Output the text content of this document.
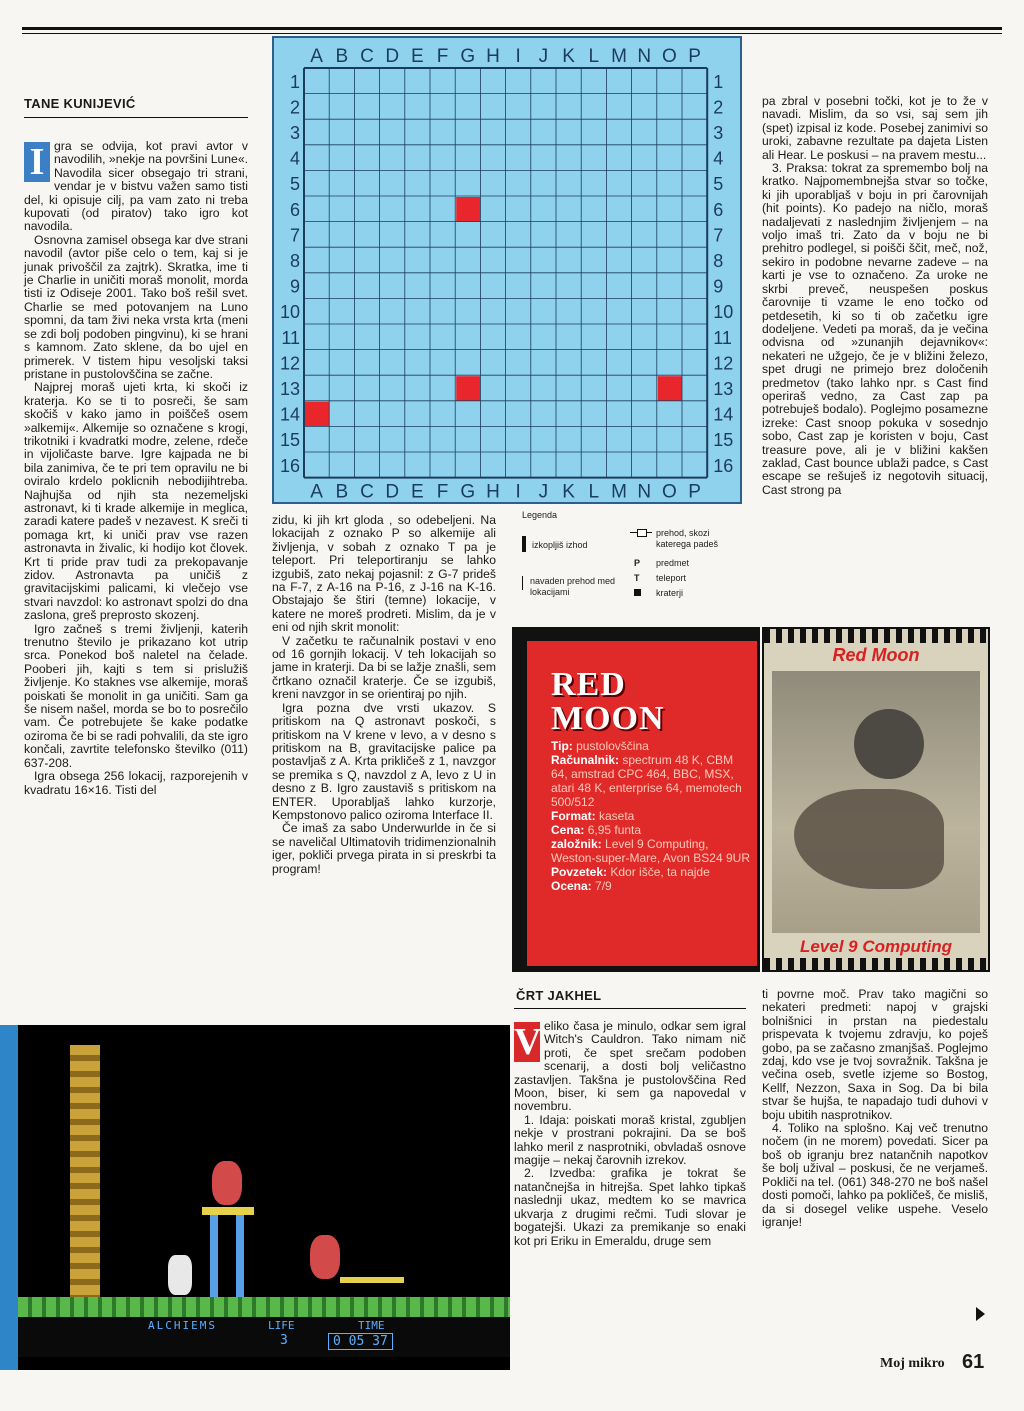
TANE KUNIJEVIĆ

I gra se odvija, kot pravi avtor v navodilih, »nekje na površini Lune«. Navodila sicer obsegajo tri strani, vendar je v bistvu važen samo tisti del, ki opisuje cilj, pa vam zato ni treba kupovati (od piratov) tako igro kot navodila.

Osnovna zamisel obsega kar dve strani navodil (avtor piše celo o tem, kaj si je junak privoščil za zajtrk). Skratka, ime ti je Charlie in uničiti moraš monolit, morda tisti iz Odiseje 2001. Tako boš rešil svet. Charlie se med potovanjem na Luno spomni, da tam živi neka vrsta krta (meni se zdi bolj podoben pingvinu), ki se hrani s kamnom. Zato sklene, da bo ujel en primerek. V tistem hipu vesoljski taksi pristane in pustolovščina se začne.

Najprej moraš ujeti krta, ki skoči iz kraterja. Ko se ti to posreči, še sam skočiš v kako jamo in poiščeš osem »alkemij«. Alkemije so označene s krogi, trikotniki i kvadratki modre, zelene, rdeče in vijoličaste barve. Igre kajpada ne bi bila zanimiva, če te pri tem opravilu ne bi oviralo krdelo poklicnih nebodijihtreba. Najhujša od njih sta nezemeljski astronavt, ki ti krade alkemije in meglica, zaradi katere padeš v nezavest. K sreči ti pomaga krt, ki uniči prav vse razen astronavta in živalic, ki hodijo kot človek. Krt ti pride prav tudi za prekopavanje zidov. Astronavta pa uničiš z gravitacijskimi palicami, ki vlečejo vse stvari navzdol: ko astronavt spolzi do dna zaslona, greš preprosto skozenj.

Igro začneš s tremi življenji, katerih trenutno število je prikazano kot utrip srca. Ponekod boš naletel na čelade. Pooberi jih, kajti s tem si prislužiš življenje. Ko staknes vse alkemije, moraš poiskati še monolit in ga uničiti. Sam ga še nisem našel, morda se bo to posrečilo vam. Če potrebujete še kake podatke oziroma če bi se radi pohvalili, da ste igro končali, zavrtite telefonsko številko (011) 637-208.

Igra obsega 256 lokacij, razporejenih v kvadratu 16×16. Tisti del

A
A
B
B
C
C
D
D
E
E
F
F
G
G
H
H
I
I
J
J
K
K
L
L
M
M
N
N
O
O
P
P
1	1
2	2
3	3
4	4
5	5
6	6
7	7
8	8
9	9
10	10
11	11
12	12
13	13
14	14
15	15
16	16

zidu, ki jih krt gloda , so odebeljeni. Na lokacijah z oznako P so alkemije ali življenja, v sobah z oznako T pa je teleport. Pri teleportiranju se lahko izgubiš, zato nekaj pojasnil: z G-7 prideš na F-7, z A-16 na P-16, z J-16 na K-16. Obstajajo še štiri (temne) lokacije, v katere ne moreš prodreti. Mislim, da je v eni od njih skrit monolit:

V začetku te računalnik postavi v eno od 16 gornjih lokacij. V teh lokacijah so jame in kraterji. Da bi se lažje znašli, sem črtkano označil kraterje. Če se izgubiš, kreni navzgor in se orientiraj po njih.

Igra pozna dve vrsti ukazov. S pritiskom na Q astronavt poskoči, s pritiskom na V krene v levo, a v desno s pritiskom na B, gravitacijske palice pa postavljaš z A. Krta prikličeš z 1, navzgor se premika s Q, navzdol z A, levo z U in desno z B. Igro zaustaviš s pritiskom na ENTER. Uporabljaš lahko kurzorje, Kempstonovo palico oziroma Interface II.

Če imaš za sabo Underwurlde in če si se naveličal Ultimatovih tridimenzionalnih iger, pokliči prvega pirata in si preskrbi ta program!

Legenda
izkopljiš izhod
navaden prehod med lokacijami
prehod, skozi katerega padeš
P predmet
T teleport
kraterji

pa zbral v posebni točki, kot je to že v navadi. Mislim, da so vsi, saj sem jih (spet) izpisal iz kode. Posebej zanimivi so uroki, zabavne rezultate pa dajeta Listen ali Hear. Le poskusi – na pravem mestu...

3. Praksa: tokrat za spremembo bolj na kratko. Najpomembnejša stvar so točke, ki jih uporabljaš v boju in pri čarovnijah (hit points). Ko padejo na ničlo, moraš nadaljevati z naslednjim življenjem – na voljo imaš tri. Zato da v boju ne bi prehitro podlegel, si poišči ščit, meč, nož, sekiro in podobne nevarne zadeve – na karti je vse to označeno. Za uroke ne skrbi preveč, neuspešen poskus čarovnije ti vzame le eno točko od petdesetih, ki so ti ob začetku igre dodeljene. Vedeti pa moraš, da je večina odvisna od »zunanjih dejavnikov«: nekateri ne užgejo, če je v bližini železo, spet drugi ne primejo brez določenih predmetov (tako lahko npr. s Cast find operiraš vedno, za Cast zap pa potrebuješ bodalo). Poglejmo posamezne izreke: Cast snoop pokuka v sosednjo sobo, Cast zap je koristen v boju, Cast treasure pove, ali je v bližini kakšen zaklad, Cast bounce ublaži padce, s Cast escape se rešuješ iz negotovih situacij, Cast strong pa

RED
MOON
Tip: pustolovščina
Računalnik: spectrum 48 K, CBM 64, amstrad CPC 464, BBC, MSX, atari 48 K, enterprise 64, memotech 500/512
Format: kaseta
Cena: 6,95 funta
založnik: Level 9 Computing, Weston-super-Mare, Avon BS24 9UR
Povzetek: Kdor išče, ta najde
Ocena: 7/9
Red Moon
Level 9 Computing
ČRT JAKHEL

V eliko časa je minulo, odkar sem igral Witch's Cauldron. Tako nimam nič proti, če spet srečam podoben scenarij, a dosti bolj veličastno zastavljen. Takšna je pustolovščina Red Moon, biser, ki sem ga napovedal v novembru.

1. Idaja: poiskati moraš kristal, zgubljen nekje v prostrani pokrajini. Da se boš lahko meril z nasprotniki, obvladaš osnove magije – nekaj čarovnih izrekov.

2. Izvedba: grafika je tokrat še natančnejša in hitrejša. Spet lahko tipkaš naslednji ukaz, medtem ko se mavrica ukvarja z drugimi rečmi. Tudi slovar je bogatejši. Ukazi za premikanje so enaki kot pri Eriku in Emeraldu, druge sem

ti povrne moč. Prav tako magični so nekateri predmeti: napoj v grajski bolnišnici in prstan na piedestalu prispevata k tvojemu zdravju, ko poješ gobo, pa se začasno zmanjšaš. Poglejmo zdaj, kdo vse je tvoj sovražnik. Takšna je večina oseb, svetle izjeme so Bostog, Kellf, Nezzon, Saxa in Sog. Da bi bila stvar še hujša, te napadajo tudi duhovi v boju ubitih nasprotnikov.

4. Toliko na splošno. Kaj več trenutno nočem (in ne morem) povedati. Sicer pa boš ob igranju brez natančnih napotkov še bolj užival – poskusi, če ne verjameš. Pokliči na tel. (061) 348-270 ne boš našel dosti pomoči, lahko pa pokličeš, če misliš, da si dosegel velike uspehe. Veselo igranje!

ALCHIEMS	LIFE
3
TIME
0 05 37
Moj mikro 61
